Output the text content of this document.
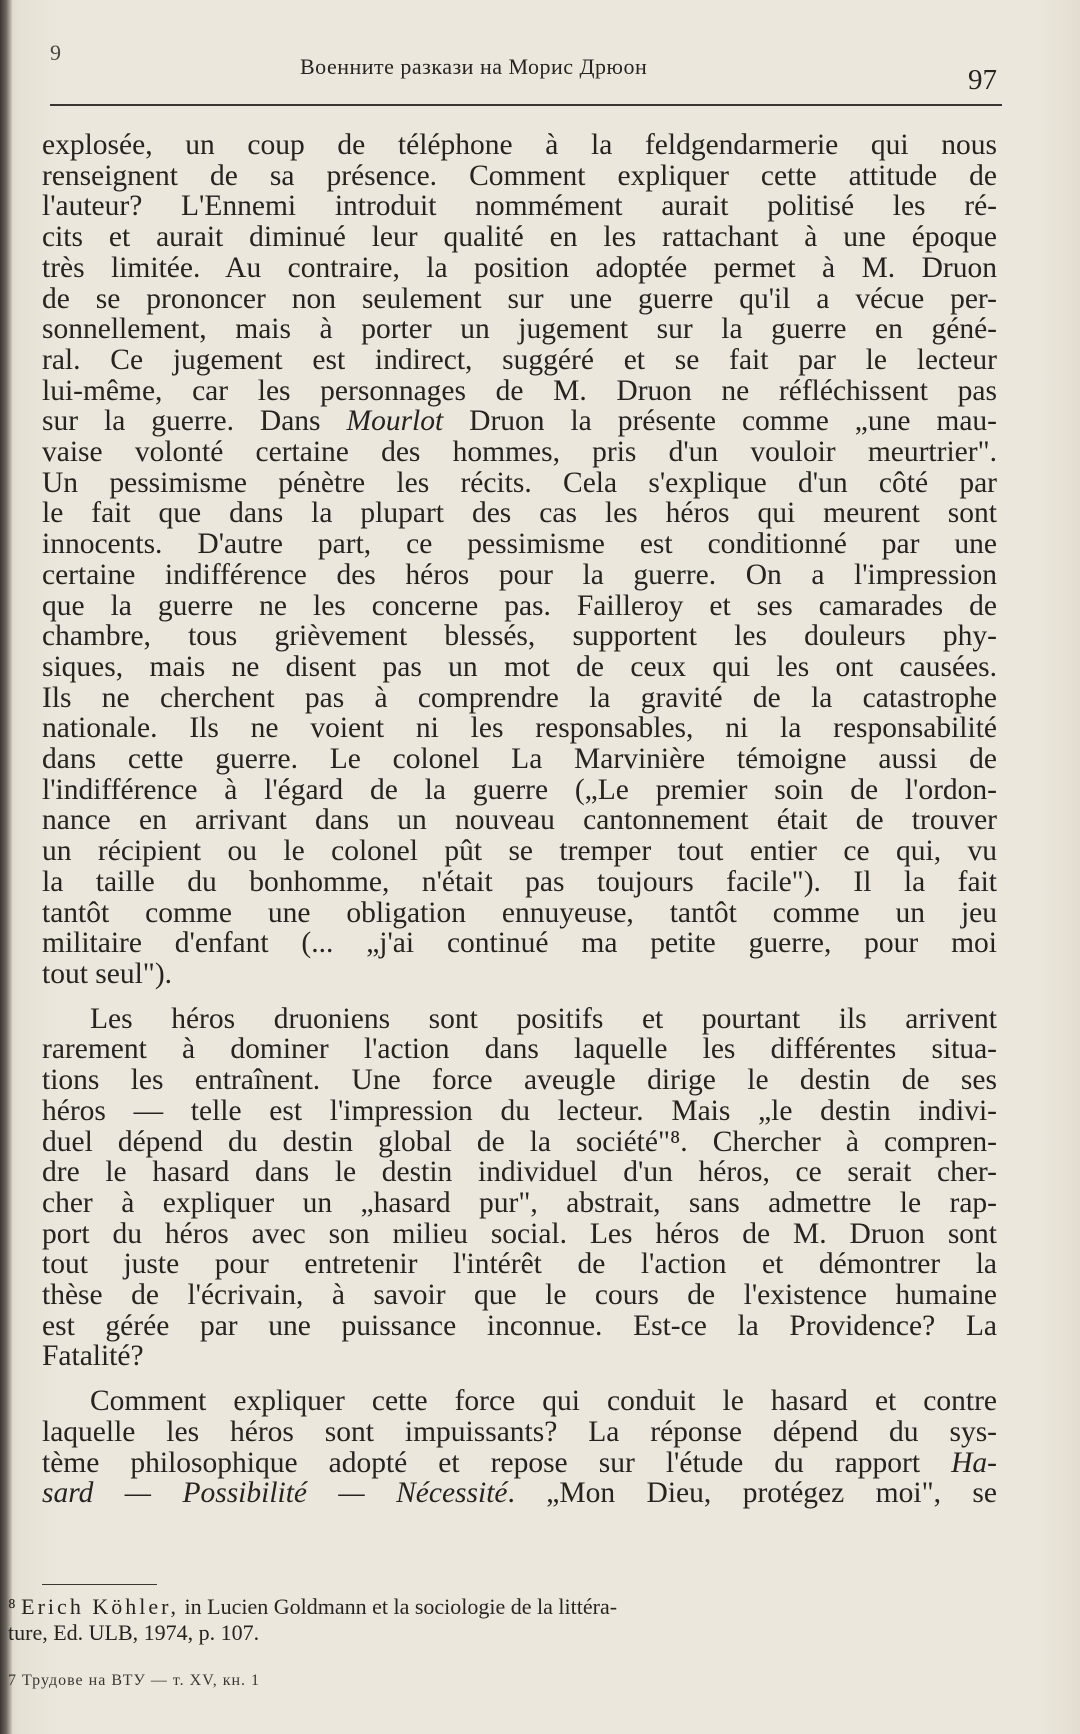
9
Военните разкази на Морис Дрюон	97
explosée, un coup de téléphone à la feldgendarmerie qui nous
renseignent de sa présence. Comment expliquer cette attitude de
l'auteur? L'Ennemi introduit nommément aurait politisé les ré-
cits et aurait diminué leur qualité en les rattachant à une époque
très limitée. Au contraire, la position adoptée permet à M. Druon
de se prononcer non seulement sur une guerre qu'il a vécue per-
sonnellement, mais à porter un jugement sur la guerre en géné-
ral. Ce jugement est indirect, suggéré et se fait par le lecteur
lui-même, car les personnages de M. Druon ne réfléchissent pas
sur la guerre. Dans Mourlot Druon la présente comme „une mau-
vaise volonté certaine des hommes, pris d'un vouloir meurtrier".
Un pessimisme pénètre les récits. Cela s'explique d'un côté par
le fait que dans la plupart des cas les héros qui meurent sont
innocents. D'autre part, ce pessimisme est conditionné par une
certaine indifférence des héros pour la guerre. On a l'impression
que la guerre ne les concerne pas. Failleroy et ses camarades de
chambre, tous grièvement blessés, supportent les douleurs phy-
siques, mais ne disent pas un mot de ceux qui les ont causées.
Ils ne cherchent pas à comprendre la gravité de la catastrophe
nationale. Ils ne voient ni les responsables, ni la responsabilité
dans cette guerre. Le colonel La Marvinière témoigne aussi de
l'indifférence à l'égard de la guerre („Le premier soin de l'ordon-
nance en arrivant dans un nouveau cantonnement était de trouver
un récipient ou le colonel pût se tremper tout entier ce qui, vu
la taille du bonhomme, n'était pas toujours facile"). Il la fait
tantôt comme une obligation ennuyeuse, tantôt comme un jeu
militaire d'enfant (... „j'ai continué ma petite guerre, pour moi
tout seul").
Les héros druoniens sont positifs et pourtant ils arrivent
rarement à dominer l'action dans laquelle les différentes situa-
tions les entraînent. Une force aveugle dirige le destin de ses
héros — telle est l'impression du lecteur. Mais „le destin indivi-
duel dépend du destin global de la société"⁸. Chercher à compren-
dre le hasard dans le destin individuel d'un héros, ce serait cher-
cher à expliquer un „hasard pur", abstrait, sans admettre le rap-
port du héros avec son milieu social. Les héros de M. Druon sont
tout juste pour entretenir l'intérêt de l'action et démontrer la
thèse de l'écrivain, à savoir que le cours de l'existence humaine
est gérée par une puissance inconnue. Est-ce la Providence? La
Fatalité?
Comment expliquer cette force qui conduit le hasard et contre
laquelle les héros sont impuissants? La réponse dépend du sys-
tème philosophique adopté et repose sur l'étude du rapport Ha-
sard — Possibilité — Nécessité. „Mon Dieu, protégez moi", se
⁸ Erich Köhler, in Lucien Goldmann et la sociologie de la littéra-
ture, Ed. ULB, 1974, p. 107.
7 Трудове на ВТУ — т. XV, кн. 1
